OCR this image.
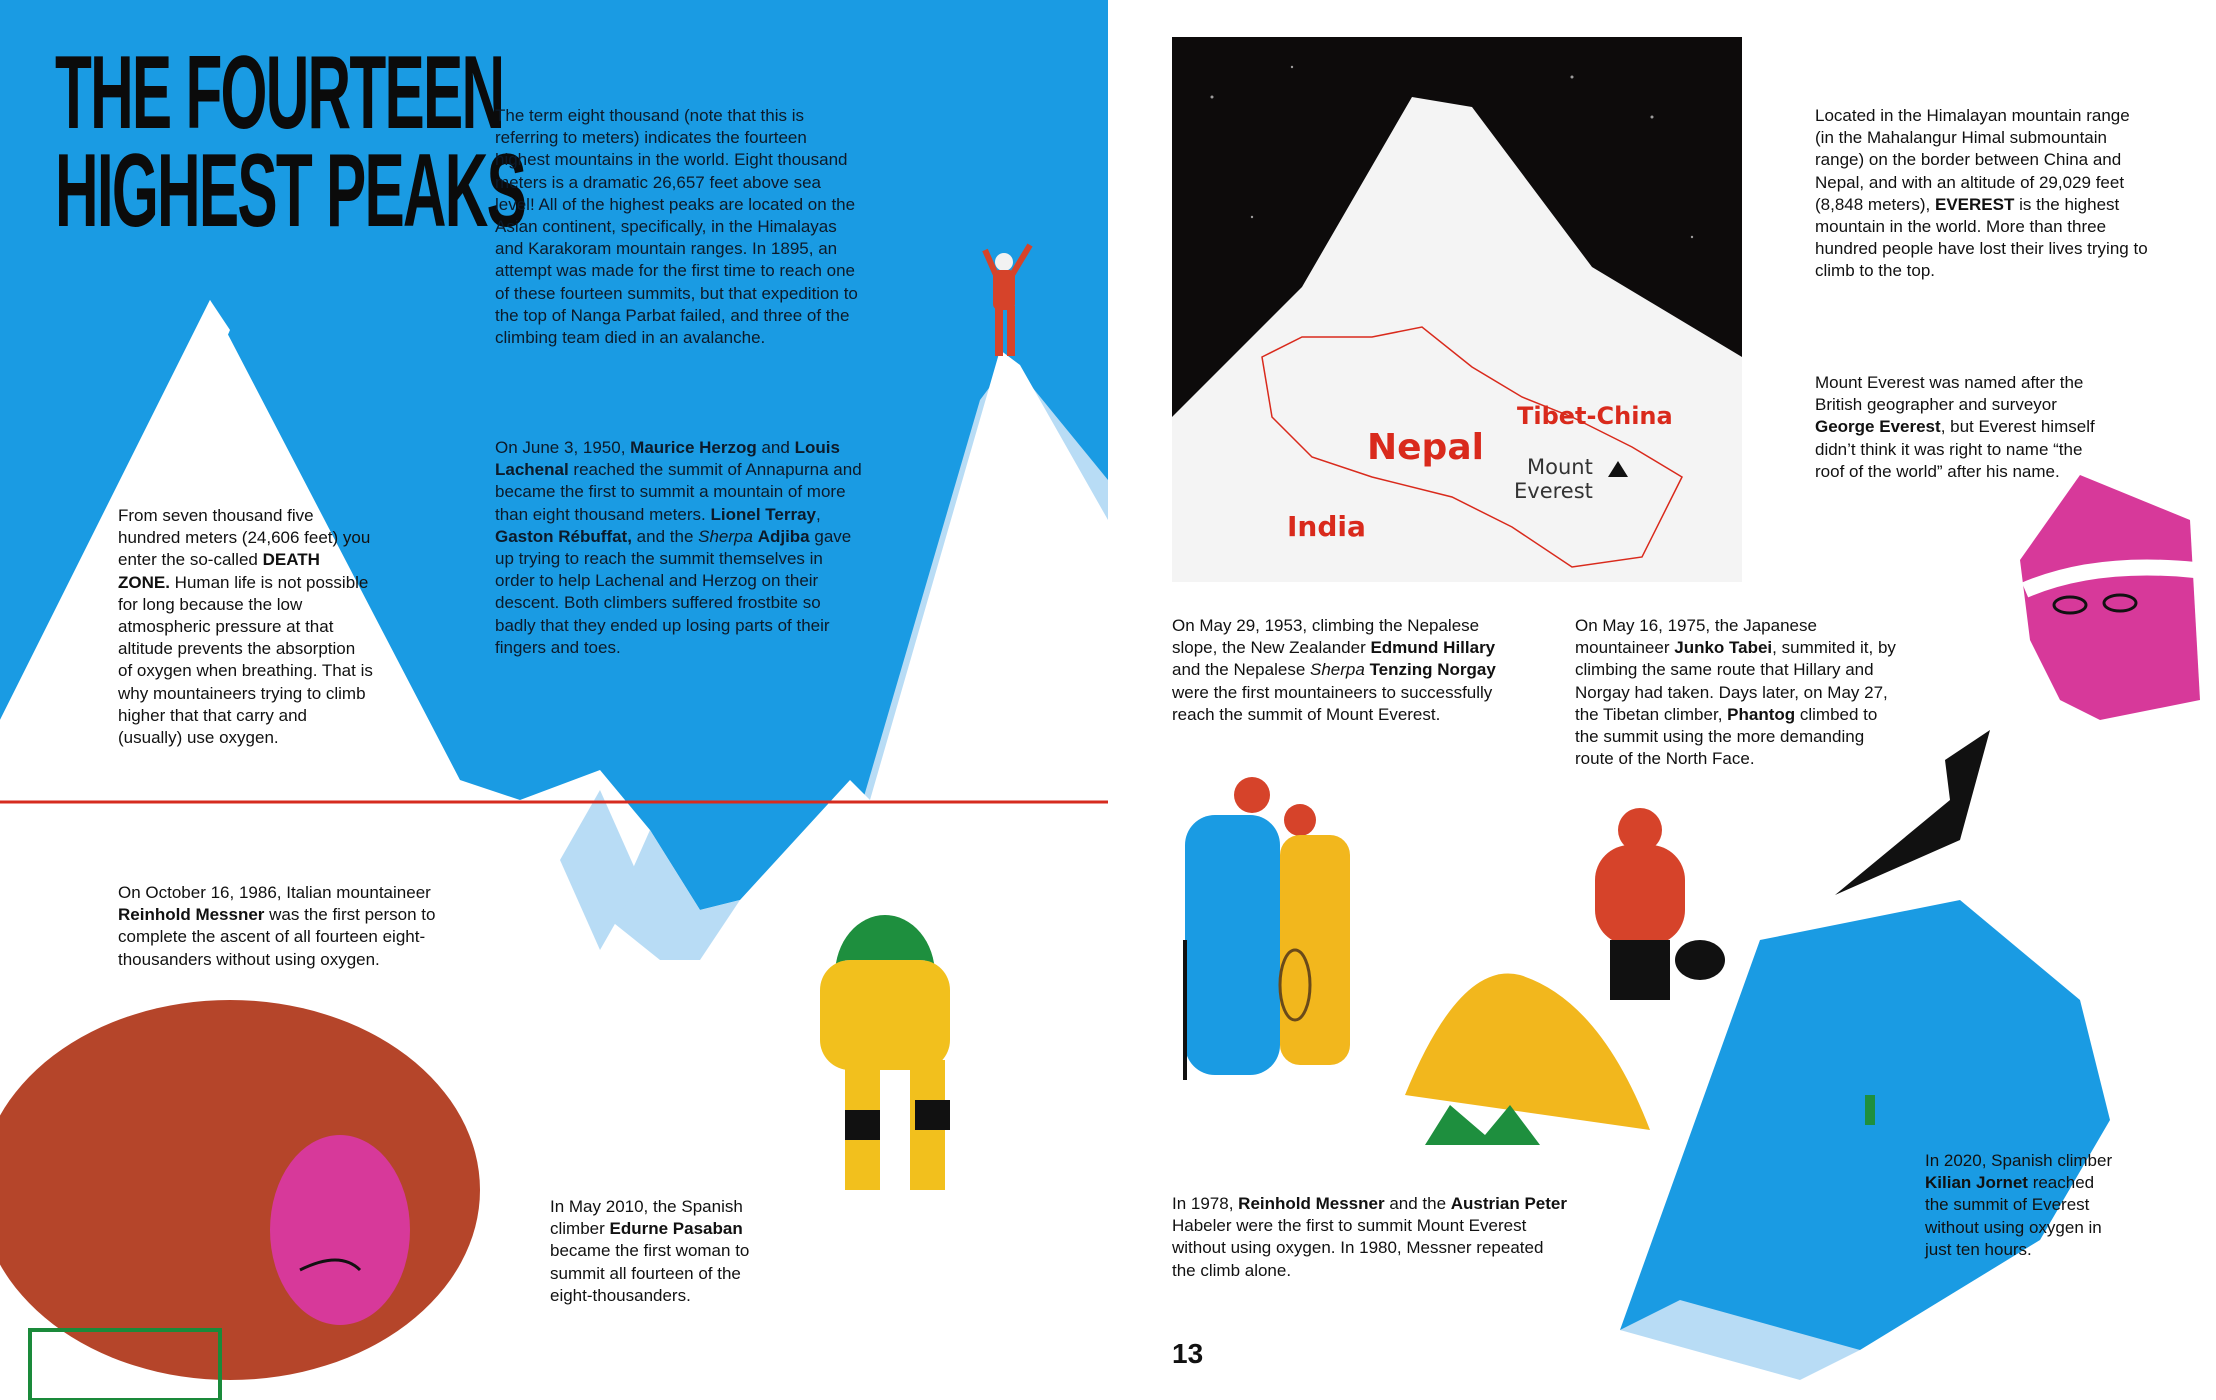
THE FOURTEEN
HIGHEST PEAKS
The term eight thousand (note that this is referring to meters) indicates the fourteen highest mountains in the world. Eight thousand meters is a dramatic 26,657 feet above sea level! All of the highest peaks are located on the Asian continent, specifically, in the Himalayas and Karakoram mountain ranges. In 1895, an attempt was made for the first time to reach one of these fourteen summits, but that expedition to the top of Nanga Parbat failed, and three of the climbing team died in an avalanche.
On June 3, 1950, Maurice Herzog and Louis Lachenal reached the summit of Annapurna and became the first to summit a mountain of more than eight thousand meters. Lionel Terray, Gaston Rébuffat, and the Sherpa Adjiba gave up trying to reach the summit themselves in order to help Lachenal and Herzog on their descent. Both climbers suffered frostbite so badly that they ended up losing parts of their fingers and toes.
From seven thousand five hundred meters (24,606 feet) you enter the so-called DEATH ZONE. Human life is not possible for long because the low atmospheric pressure at that altitude prevents the absorption of oxygen when breathing. That is why mountaineers trying to climb higher that that carry and (usually) use oxygen.
On October 16, 1986, Italian mountaineer Reinhold Messner was the first person to complete the ascent of all fourteen eight-thousanders without using oxygen.
In May 2010, the Spanish climber Edurne Pasaban became the first woman to summit all fourteen of the eight-thousanders.
Nepal
Tibet-China
India
Mount
Everest
Located in the Himalayan mountain range (in the Mahalangur Himal submountain range) on the border between China and Nepal, and with an altitude of 29,029 feet (8,848 meters), EVEREST is the highest mountain in the world. More than three hundred people have lost their lives trying to climb to the top.
Mount Everest was named after the British geographer and surveyor George Everest, but Everest himself didn’t think it was right to name “the roof of the world” after his name.
On May 29, 1953, climbing the Nepalese slope, the New Zealander Edmund Hillary and the Nepalese Sherpa Tenzing Norgay were the first mountaineers to successfully reach the summit of Mount Everest.
On May 16, 1975, the Japanese mountaineer Junko Tabei, summited it, by climbing the same route that Hillary and Norgay had taken. Days later, on May 27, the Tibetan climber, Phantog climbed to the summit using the more demanding route of the North Face.
In 1978, Reinhold Messner and the Austrian Peter Habeler were the first to summit Mount Everest without using oxygen. In 1980, Messner repeated the climb alone.
In 2020, Spanish climber Kilian Jornet reached the summit of Everest without using oxygen in just ten hours.
13
